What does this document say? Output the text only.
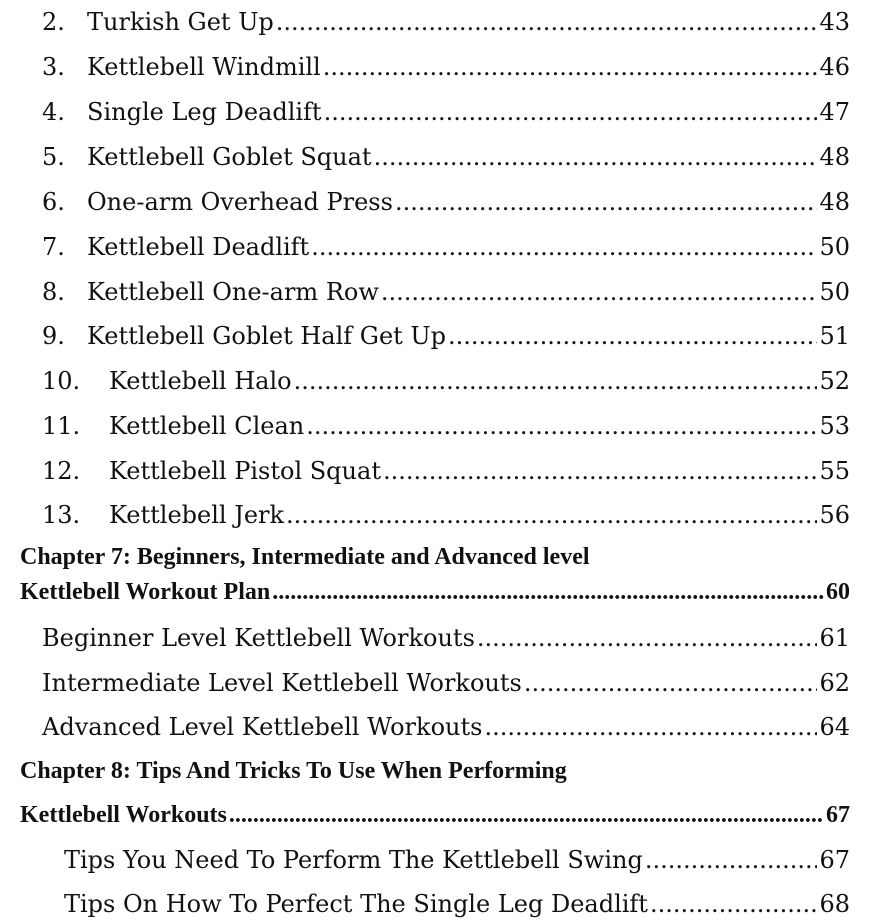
2. Turkish Get Up .....	43
3. Kettlebell Windmill .....	46
4. Single Leg Deadlift .....	47
5. Kettlebell Goblet Squat .....	48
6. One-arm Overhead Press .....	48
7. Kettlebell Deadlift .....	50
8. Kettlebell One-arm Row .....	50
9. Kettlebell Goblet Half Get Up .....	51
10.	Kettlebell Halo .....	52
11.	Kettlebell Clean .....	53
12.	Kettlebell Pistol Squat .....	55
13.	Kettlebell Jerk .....	56
Chapter 7: Beginners, Intermediate and Advanced level
Kettlebell Workout Plan .....	60
Beginner Level Kettlebell Workouts .....	61
Intermediate Level Kettlebell Workouts .....	62
Advanced Level Kettlebell Workouts .....	64
Chapter 8: Tips And Tricks To Use When Performing
Kettlebell Workouts .....	67
Tips You Need To Perform The Kettlebell Swing .....	67
Tips On How To Perfect The Single Leg Deadlift .....	68
